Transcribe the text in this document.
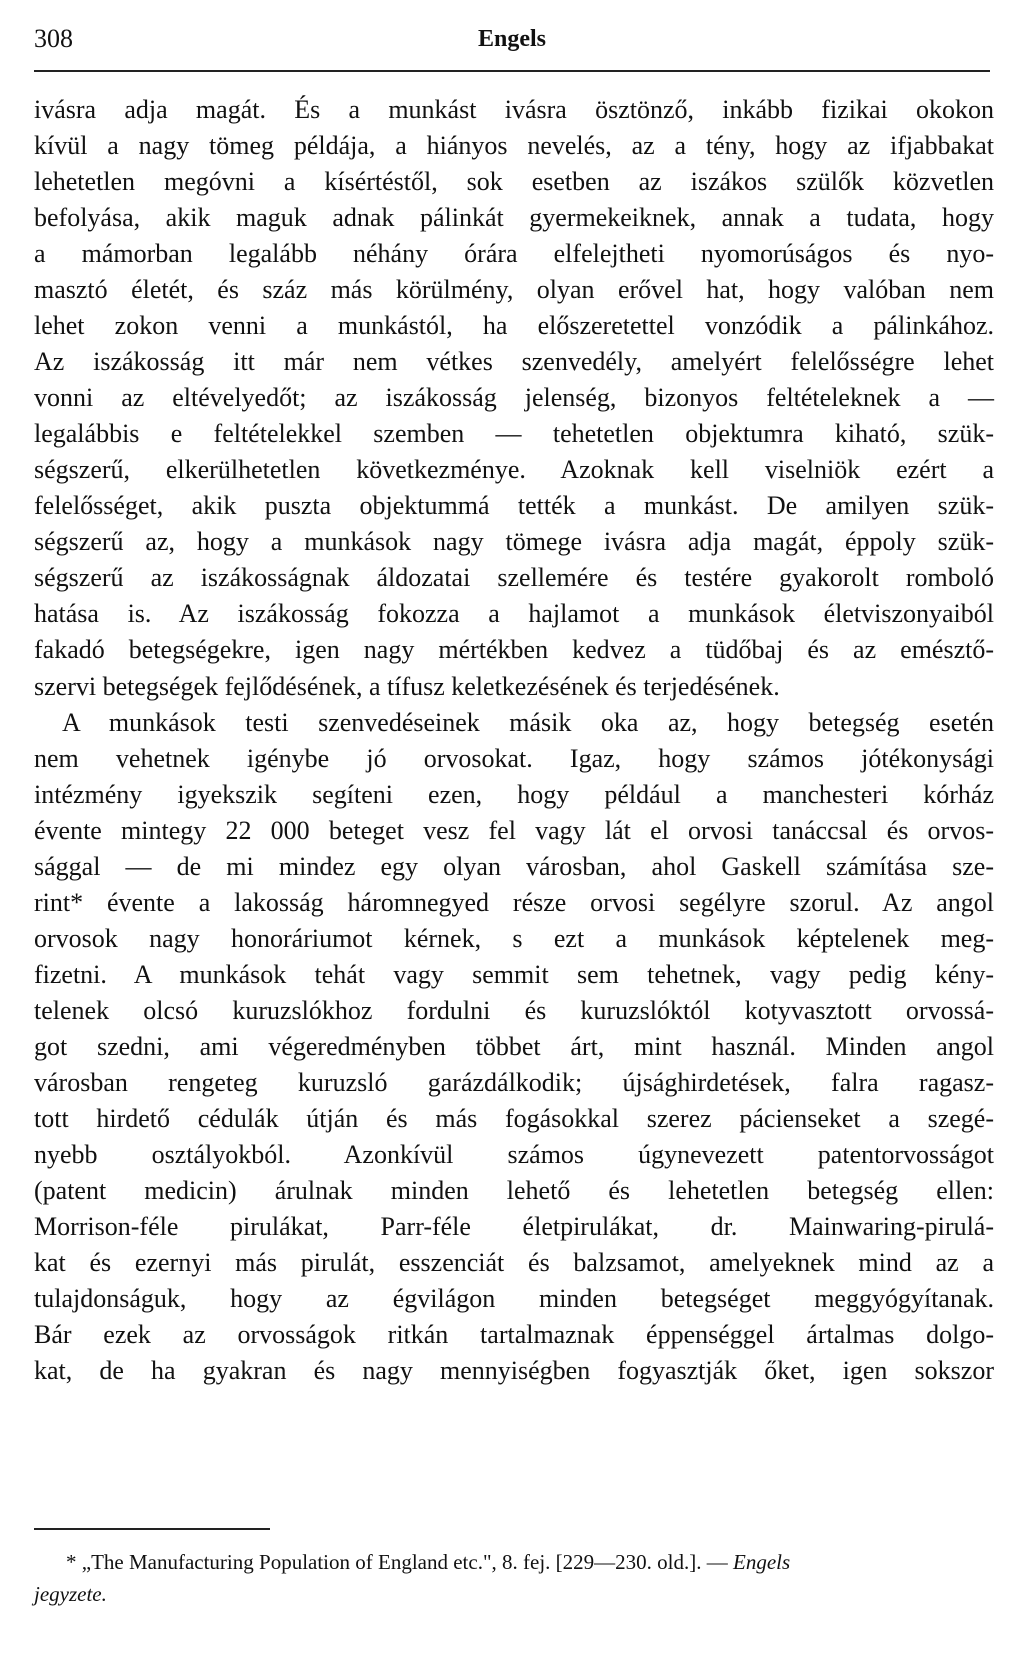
308	Engels
ivásra adja magát. És a munkást ivásra ösztönző, inkább fizikai okokon
kívül a nagy tömeg példája, a hiányos nevelés, az a tény, hogy az ifjabbakat
lehetetlen megóvni a kísértéstől, sok esetben az iszákos szülők közvetlen
befolyása, akik maguk adnak pálinkát gyermekeiknek, annak a tudata, hogy
a mámorban legalább néhány órára elfelejtheti nyomorúságos és nyo-
masztó életét, és száz más körülmény, olyan erővel hat, hogy valóban nem
lehet zokon venni a munkástól, ha előszeretettel vonzódik a pálinkához.
Az iszákosság itt már nem vétkes szenvedély, amelyért felelősségre lehet
vonni az eltévelyedőt; az iszákosság jelenség, bizonyos feltételeknek a —
legalábbis e feltételekkel szemben — tehetetlen objektumra kiható, szük-
ségszerű, elkerülhetetlen következménye. Azoknak kell viselniök ezért a
felelősséget, akik puszta objektummá tették a munkást. De amilyen szük-
ségszerű az, hogy a munkások nagy tömege ivásra adja magát, éppoly szük-
ségszerű az iszákosságnak áldozatai szellemére és testére gyakorolt romboló
hatása is. Az iszákosság fokozza a hajlamot a munkások életviszonyaiból
fakadó betegségekre, igen nagy mértékben kedvez a tüdőbaj és az emésztő-
szervi betegségek fejlődésének, a tífusz keletkezésének és terjedésének.
A munkások testi szenvedéseinek másik oka az, hogy betegség esetén
nem vehetnek igénybe jó orvosokat. Igaz, hogy számos jótékonysági
intézmény igyekszik segíteni ezen, hogy például a manchesteri kórház
évente mintegy 22 000 beteget vesz fel vagy lát el orvosi tanáccsal és orvos-
sággal — de mi mindez egy olyan városban, ahol Gaskell számítása sze-
rint* évente a lakosság háromnegyed része orvosi segélyre szorul. Az angol
orvosok nagy honoráriumot kérnek, s ezt a munkások képtelenek meg-
fizetni. A munkások tehát vagy semmit sem tehetnek, vagy pedig kény-
telenek olcsó kuruzslókhoz fordulni és kuruzslóktól kotyvasztott orvossá-
got szedni, ami végeredményben többet árt, mint használ. Minden angol
városban rengeteg kuruzsló garázdálkodik; újsághirdetések, falra ragasz-
tott hirdető cédulák útján és más fogásokkal szerez pácienseket a szegé-
nyebb osztályokból. Azonkívül számos úgynevezett patentorvosságot
(patent medicin) árulnak minden lehető és lehetetlen betegség ellen:
Morrison-féle pirulákat, Parr-féle életpirulákat, dr. Mainwaring-pirulá-
kat és ezernyi más pirulát, esszenciát és balzsamot, amelyeknek mind az a
tulajdonságuk, hogy az égvilágon minden betegséget meggyógyítanak.
Bár ezek az orvosságok ritkán tartalmaznak éppenséggel ártalmas dolgo-
kat, de ha gyakran és nagy mennyiségben fogyasztják őket, igen sokszor
* „The Manufacturing Population of England etc.", 8. fej. [229—230. old.]. — Engels
jegyzete.
